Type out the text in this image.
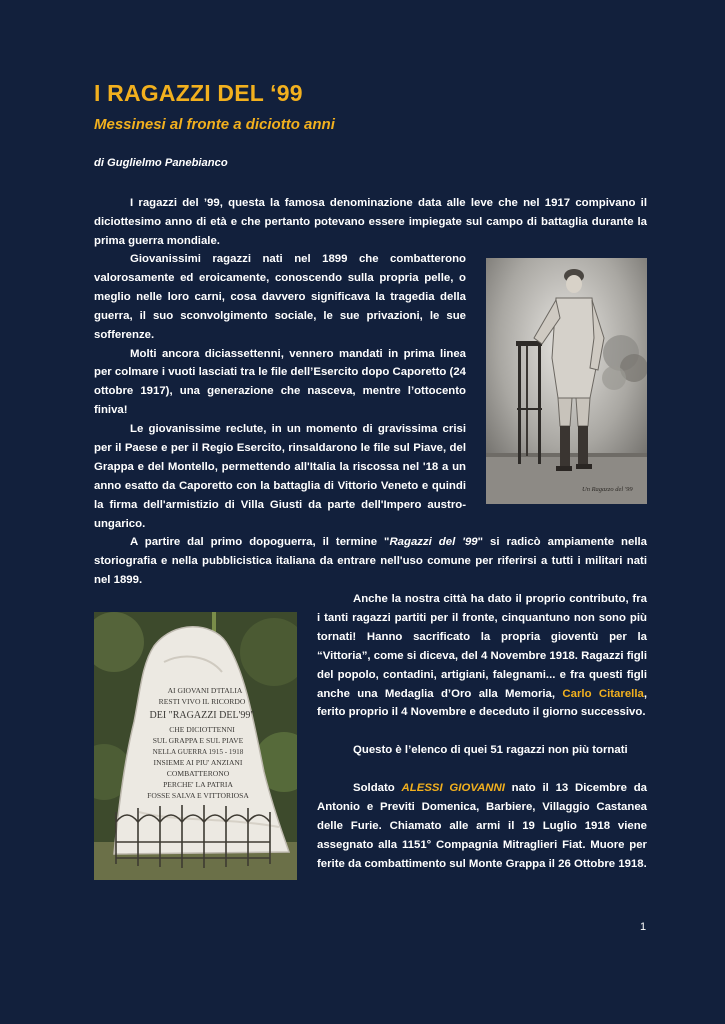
I RAGAZZI DEL ‘99
Messinesi al fronte a diciotto anni

di Guglielmo Panebianco

I ragazzi del ’99, questa la famosa denominazione data alle leve che nel 1917 compivano il diciottesimo anno di età e che pertanto potevano essere impiegate sul campo di battaglia durante la prima guerra mondiale.

Giovanissimi ragazzi nati nel 1899 che combatterono valorosamente ed eroicamente, conoscendo sulla propria pelle, o meglio nelle loro carni, cosa davvero significava la tragedia della guerra, il suo sconvolgimento sociale, le sue privazioni, le sue sofferenze.

Molti ancora diciassettenni, vennero mandati in prima linea per colmare i vuoti lasciati tra le file dell’Esercito dopo Caporetto (24 ottobre 1917), una generazione che nasceva, mentre l’ottocento finiva!

Le giovanissime reclute, in un momento di gravissima crisi per il Paese e per il Regio Esercito, rinsaldarono le file sul Piave, del Grappa e del Montello, permettendo all'Italia la riscossa nel '18 a un anno esatto da Caporetto con la battaglia di Vittorio Veneto e quindi la firma dell'armistizio di Villa Giusti da parte dell'Impero austro-ungarico.

Un Ragazzo del '99

A partire dal primo dopoguerra, il termine "Ragazzi del '99" si radicò ampiamente nella storiografia e nella pubblicistica italiana da entrare nell'uso comune per riferirsi a tutti i militari nati nel 1899.

AI GIOVANI D'ITALIA
RESTI VIVO IL RICORDO
DEI "RAGAZZI DEL'99"
CHE DICIOTTENNI
SUL GRAPPA E SUL PIAVE
NELLA GUERRA 1915 - 1918
INSIEME AI PIU' ANZIANI
COMBATTERONO
PERCHE' LA PATRIA
FOSSE SALVA E VITTORIOSA

Anche la nostra città ha dato il proprio contributo, fra i tanti ragazzi partiti per il fronte, cinquantuno non sono più tornati! Hanno sacrificato la propria gioventù per la “Vittoria”, come si diceva, del 4 Novembre 1918. Ragazzi figli del popolo, contadini, artigiani, falegnami... e fra questi figli anche una Medaglia d’Oro alla Memoria, Carlo Citarella, ferito proprio il 4 Novembre e deceduto il giorno successivo.

Questo è l’elenco di quei 51 ragazzi non più tornati

Soldato ALESSI GIOVANNI nato il 13 Dicembre da Antonio e Previti Domenica, Barbiere, Villaggio Castanea delle Furie. Chiamato alle armi il 19 Luglio 1918 viene assegnato alla 1151° Compagnia Mitraglieri Fiat. Muore per ferite da combattimento sul Monte Grappa il 26 Ottobre 1918.

1
